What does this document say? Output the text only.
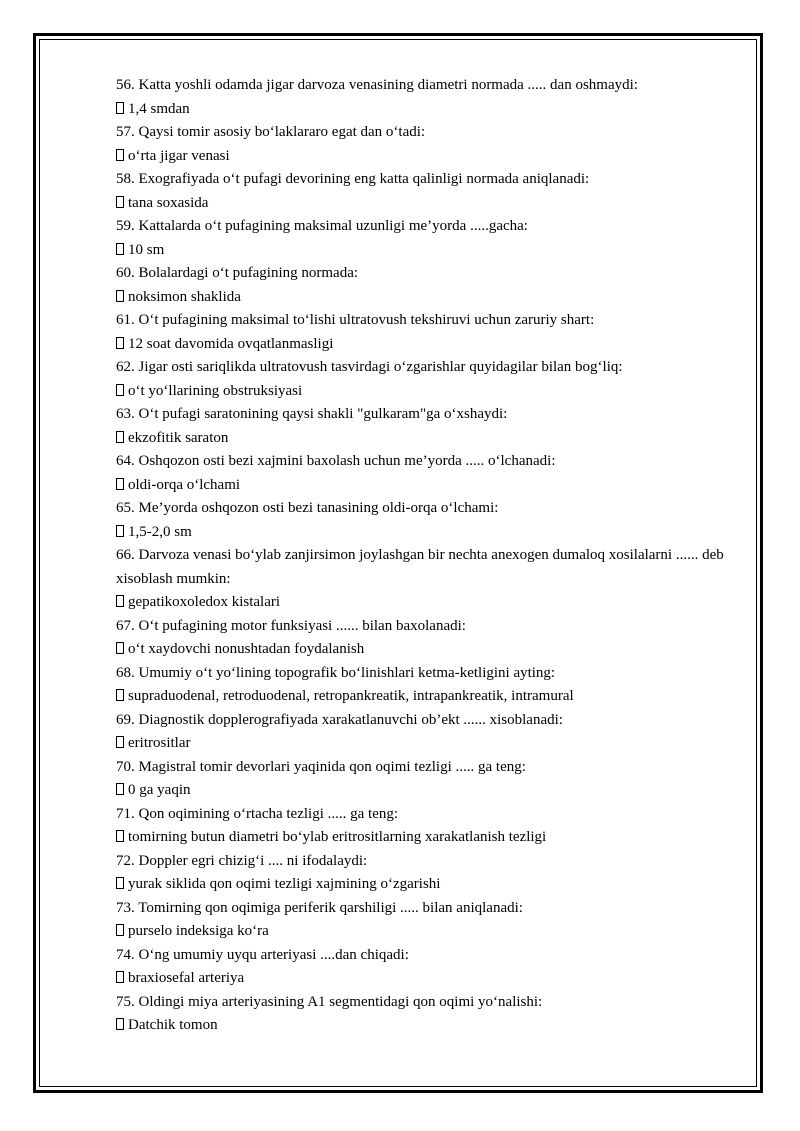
56. Katta yoshli odamda jigar darvoza venasining diametri normada ..... dan oshmaydi:

1,4 smdan

57. Qaysi tomir asosiy boʻlaklararo egat dan oʻtadi:

oʻrta jigar venasi

58. Exografiyada oʻt pufagi devorining eng katta qalinligi normada aniqlanadi:

tana soxasida

59. Kattalarda oʻt pufagining maksimal uzunligi me’yorda .....gacha:

10 sm

60. Bolalardagi oʻt pufagining normada:

noksimon shaklida

61. Oʻt pufagining maksimal toʻlishi ultratovush tekshiruvi uchun zaruriy shart:

12 soat davomida ovqatlanmasligi

62. Jigar osti sariqlikda ultratovush tasvirdagi oʻzgarishlar quyidagilar bilan bogʻliq:

oʻt yoʻllarining obstruksiyasi

63. Oʻt pufagi saratonining qaysi shakli "gulkaram"ga oʻxshaydi:

ekzofitik saraton

64. Oshqozon osti bezi xajmini baxolash uchun me’yorda ..... oʻlchanadi:

oldi-orqa oʻlchami

65. Me’yorda oshqozon osti bezi tanasining oldi-orqa oʻlchami:

1,5-2,0 sm

66. Darvoza venasi boʻylab zanjirsimon joylashgan bir nechta anexogen dumaloq xosilalarni ...... deb xisoblash mumkin:

gepatikoxoledox kistalari

67. Oʻt pufagining motor funksiyasi ...... bilan baxolanadi:

oʻt xaydovchi nonushtadan foydalanish

68. Umumiy oʻt yoʻlining topografik boʻlinishlari ketma-ketligini ayting:

supraduodenal, retroduodenal, retropankreatik, intrapankreatik, intramural

69. Diagnostik dopplerografiyada xarakatlanuvchi ob’ekt ...... xisoblanadi:

eritrositlar

70. Magistral tomir devorlari yaqinida qon oqimi tezligi ..... ga teng:

0 ga yaqin

71. Qon oqimining oʻrtacha tezligi ..... ga teng:

tomirning butun diametri boʻylab eritrositlarning xarakatlanish tezligi

72. Doppler egri chizigʻi .... ni ifodalaydi:

yurak siklida qon oqimi tezligi xajmining oʻzgarishi

73. Tomirning qon oqimiga periferik qarshiligi ..... bilan aniqlanadi:

purselo indeksiga koʻra

74. Oʻng umumiy uyqu arteriyasi ....dan chiqadi:

braxiosefal arteriya

75. Oldingi miya arteriyasining A1 segmentidagi qon oqimi yoʻnalishi:

Datchik tomon
